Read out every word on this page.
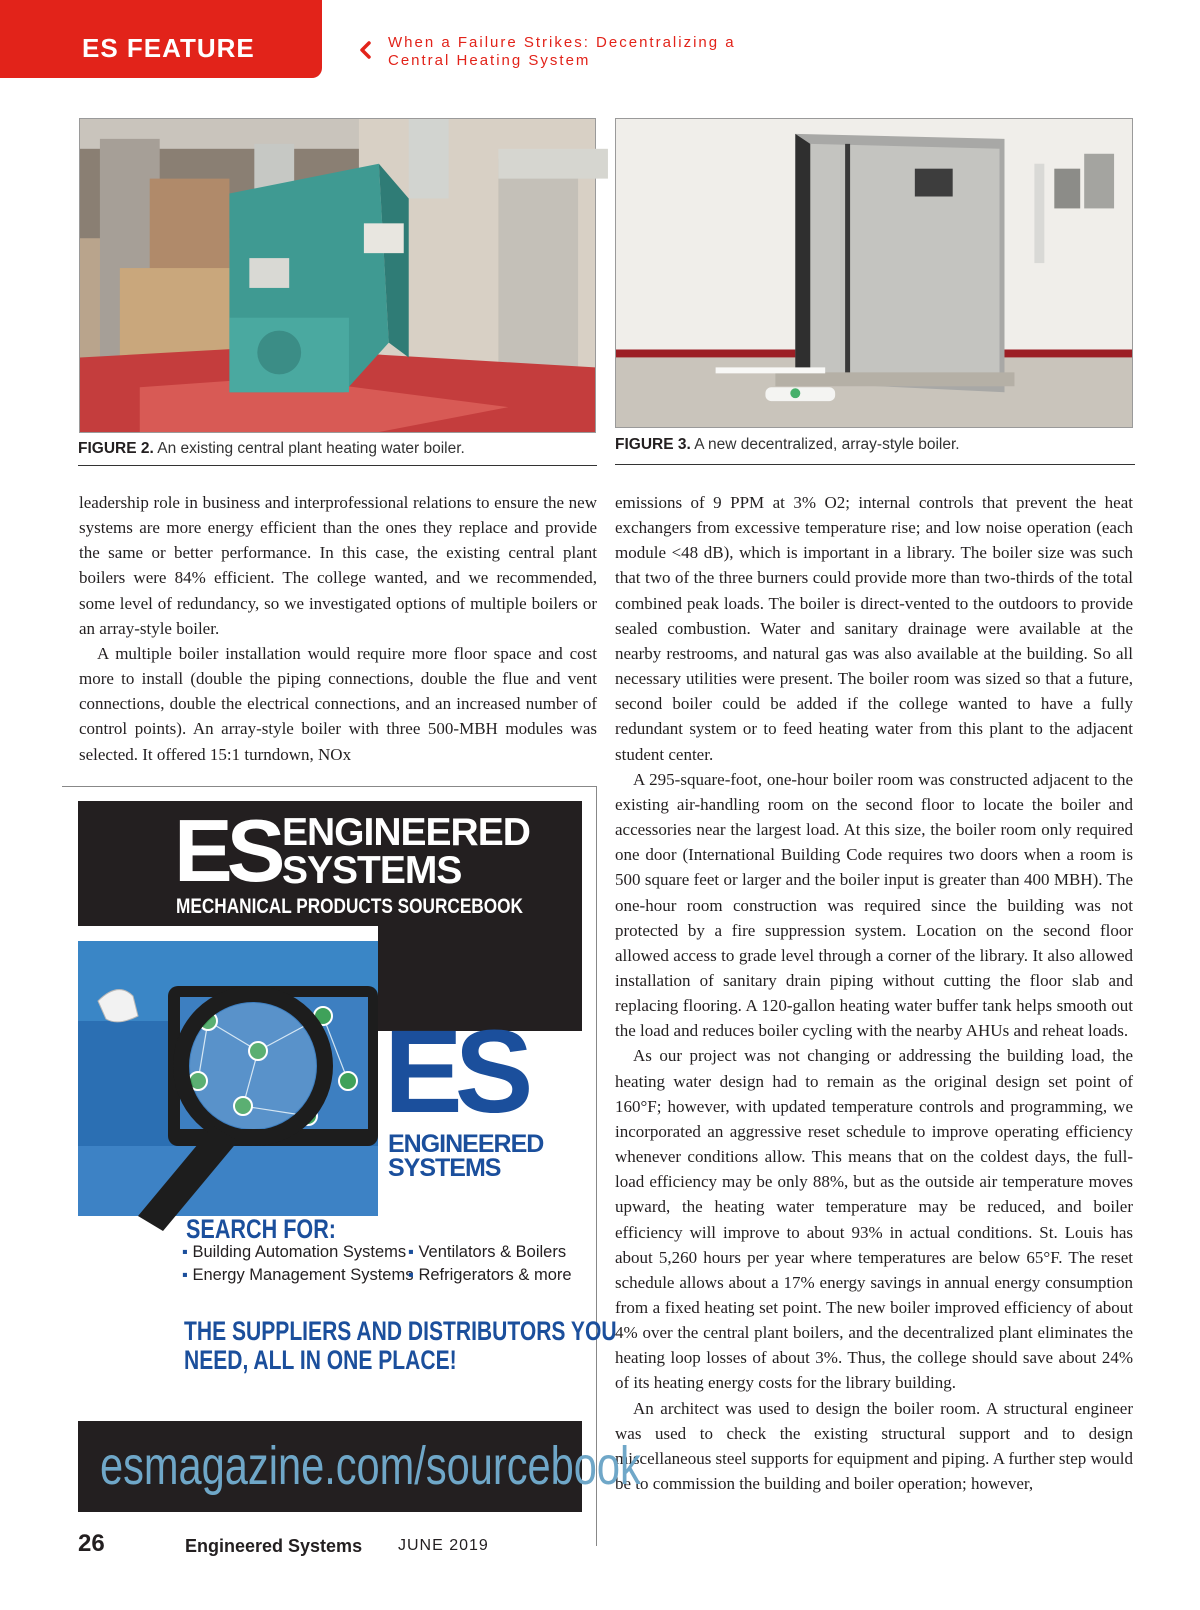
ES FEATURE	When a Failure Strikes: Decentralizing a Central Heating System
FIGURE 2. An existing central plant heating water boiler.	FIGURE 3. A new decentralized, array-style boiler.

leadership role in business and interprofessional relations to ensure the new systems are more energy efficient than the ones they replace and provide the same or better performance. In this case, the existing central plant boilers were 84% efficient. The college wanted, and we recommended, some level of redundancy, so we investigated options of multiple boilers or an array-style boiler.

A multiple boiler installation would require more floor space and cost more to install (double the piping connections, double the flue and vent connections, double the electrical connections, and an increased number of control points). An array-style boiler with three 500-MBH modules was selected. It offered 15:1 turndown, NOx

emissions of 9 PPM at 3% O2; internal controls that prevent the heat exchangers from excessive temperature rise; and low noise operation (each module <48 dB), which is important in a library. The boiler size was such that two of the three burners could provide more than two-thirds of the total combined peak loads. The boiler is direct-vented to the outdoors to provide sealed combustion. Water and sanitary drainage were available at the nearby restrooms, and natural gas was also available at the building. So all necessary utilities were present. The boiler room was sized so that a future, second boiler could be added if the college wanted to have a fully redundant system or to feed heating water from this plant to the adjacent student center.

A 295-square-foot, one-hour boiler room was constructed adjacent to the existing air-handling room on the second floor to locate the boiler and accessories near the largest load. At this size, the boiler room only required one door (International Building Code requires two doors when a room is 500 square feet or larger and the boiler input is greater than 400 MBH). The one-hour room construction was required since the building was not protected by a fire suppression system. Location on the second floor allowed access to grade level through a corner of the library. It also allowed installation of sanitary drain piping without cutting the floor slab and replacing flooring. A 120-gallon heating water buffer tank helps smooth out the load and reduces boiler cycling with the nearby AHUs and reheat loads.

As our project was not changing or addressing the building load, the heating water design had to remain as the original design set point of 160°F; however, with updated temperature controls and programming, we incorporated an aggressive reset schedule to improve operating efficiency whenever conditions allow. This means that on the coldest days, the full-load efficiency may be only 88%, but as the outside air temperature moves upward, the heating water temperature may be reduced, and boiler efficiency will improve to about 93% in actual conditions. St. Louis has about 5,260 hours per year where temperatures are below 65°F. The reset schedule allows about a 17% energy savings in annual energy consumption from a fixed heating set point. The new boiler improved efficiency of about 4% over the central plant boilers, and the decentralized plant eliminates the heating loop losses of about 3%. Thus, the college should save about 24% of its heating energy costs for the library building.

An architect was used to design the boiler room. A structural engineer was used to check the existing structural support and to design miscellaneous steel supports for equipment and piping. A further step would be to commission the building and boiler operation; however,

ES ENGINEERED
SYSTEMS
MECHANICAL PRODUCTS SOURCEBOOK
ES
ENGINEERED
SYSTEMS
SEARCH FOR:
▪ Building Automation Systems
▪ Energy Management Systems
▪ Ventilators & Boilers
▪ Refrigerators & more
THE SUPPLIERS AND DISTRIBUTORS YOU
NEED, ALL IN ONE PLACE!
esmagazine.com/sourcebook
26	Engineered Systems JUNE 2019
